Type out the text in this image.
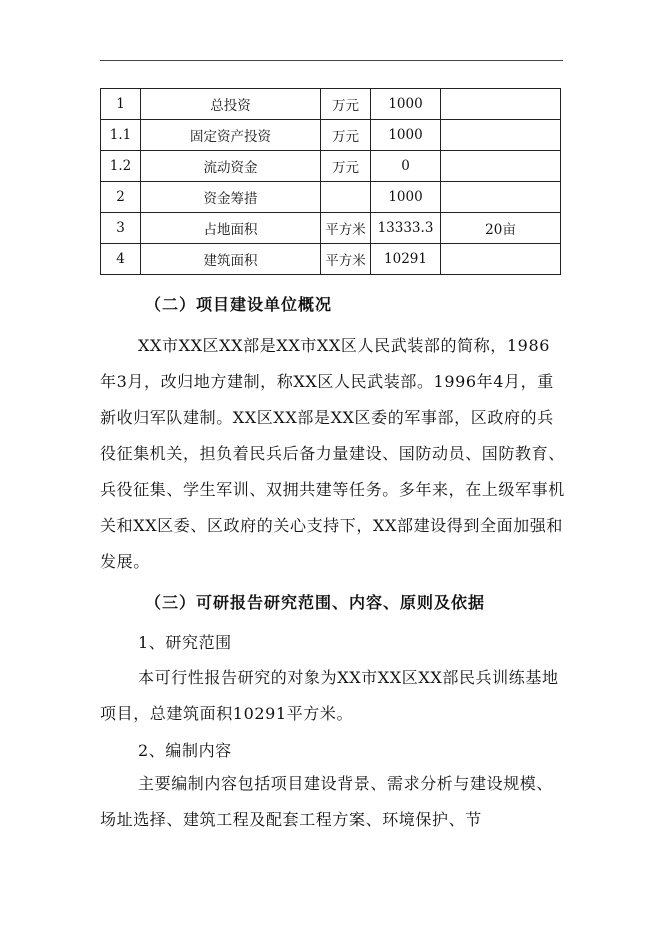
1	总投资	万元	1000	
1.1	固定资产投资	万元	1000	
1.2	流动资金	万元	0	
2	资金筹措		1000	
3	占地面积	平方米	13333.3	20亩
4	建筑面积	平方米	10291	
（二）项目建设单位概况

XX市XX区XX部是XX市XX区人民武装部的简称，1986年3月，改归地方建制，称XX区人民武装部。1996年4月，重新收归军队建制。XX区XX部是XX区委的军事部，区政府的兵役征集机关，担负着民兵后备力量建设、国防动员、国防教育、兵役征集、学生军训、双拥共建等任务。多年来，在上级军事机关和XX区委、区政府的关心支持下，XX部建设得到全面加强和发展。

（三）可研报告研究范围、内容、原则及依据
1、研究范围

本可行性报告研究的对象为XX市XX区XX部民兵训练基地项目，总建筑面积10291平方米。

2、编制内容

主要编制内容包括项目建设背景、需求分析与建设规模、场址选择、建筑工程及配套工程方案、环境保护、节
